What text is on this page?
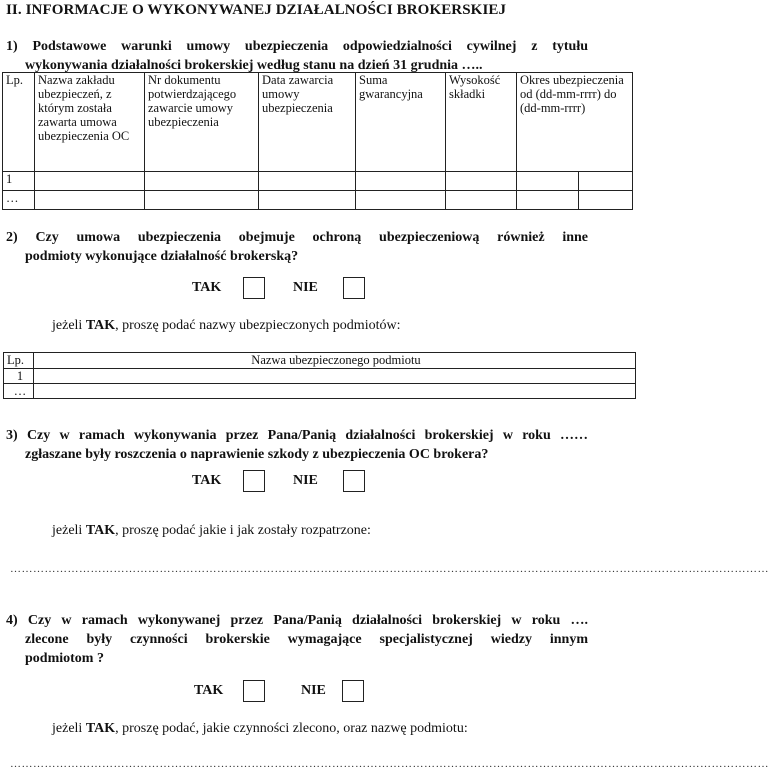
II. INFORMACJE O WYKONYWANEJ DZIAŁALNOŚCI BROKERSKIEJ
1) Podstawowe warunki umowy ubezpieczenia odpowiedzialności cywilnej z tytułu
wykonywania działalności brokerskiej według stanu na dzień 31 grudnia …..
Lp.	Nazwa zakładu ubezpieczeń, z którym została zawarta umowa ubezpieczenia OC	Nr dokumentu potwierdzającego zawarcie umowy ubezpieczenia	Data zawarcia umowy ubezpieczenia	Suma gwarancyjna	Wysokość składki	Okres ubezpieczenia od (dd-mm-rrrr) do (dd-mm-rrrr)	
1							
…							
2) Czy umowa ubezpieczenia obejmuje ochroną ubezpieczeniową również inne
podmioty wykonujące działalność brokerską?
TAK	NIE
jeżeli TAK, proszę podać nazwy ubezpieczonych podmiotów:
Lp.	Nazwa ubezpieczonego podmiotu
1	
…	
3) Czy w ramach wykonywania przez Pana/Panią działalności brokerskiej w roku ……
zgłaszane były roszczenia o naprawienie szkody z ubezpieczenia OC brokera?
TAK	NIE
jeżeli TAK, proszę podać jakie i jak zostały rozpatrzone:
………………………………………………………………………………………………………………………………………………………………………………
4) Czy w ramach wykonywanej przez Pana/Panią działalności brokerskiej w roku ….
zlecone były czynności brokerskie wymagające specjalistycznej wiedzy innym
podmiotom ?
TAK	NIE
jeżeli TAK, proszę podać, jakie czynności zlecono, oraz nazwę podmiotu:
………………………………………………………………………………………………………………………………………………………………………………
